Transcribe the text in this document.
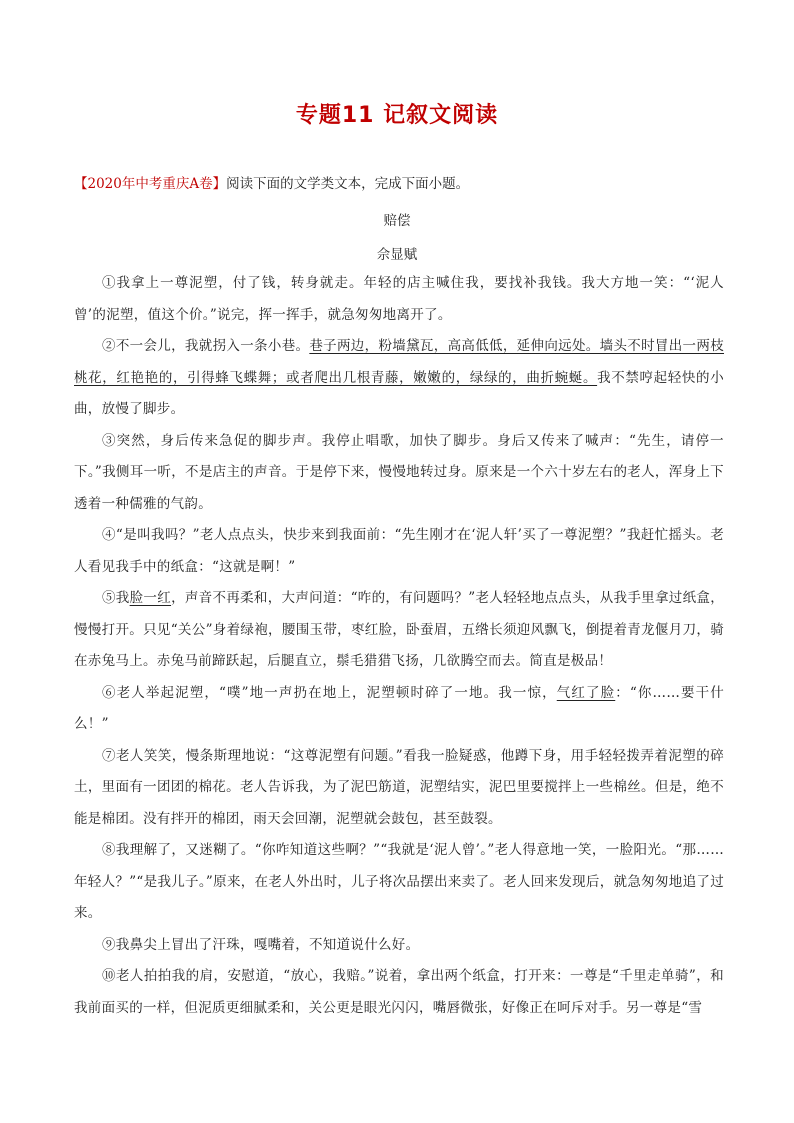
专题11 记叙文阅读
【2020年中考重庆A卷】阅读下面的文学类文本，完成下面小题。
赔偿
佘显赋

①我拿上一尊泥塑，付了钱，转身就走。年轻的店主喊住我，要找补我钱。我大方地一笑：“‘泥人曾’的泥塑，值这个价。”说完，挥一挥手，就急匆匆地离开了。

②不一会儿，我就拐入一条小巷。巷子两边，粉墙黛瓦，高高低低，延伸向远处。墙头不时冒出一两枝桃花，红艳艳的，引得蜂飞蝶舞；或者爬出几根青藤，嫩嫩的，绿绿的，曲折蜿蜒。我不禁哼起轻快的小曲，放慢了脚步。

③突然，身后传来急促的脚步声。我停止唱歌，加快了脚步。身后又传来了喊声：“先生，请停一下。”我侧耳一听，不是店主的声音。于是停下来，慢慢地转过身。原来是一个六十岁左右的老人，浑身上下透着一种儒雅的气韵。

④“是叫我吗？”老人点点头，快步来到我面前：“先生刚才在‘泥人轩’买了一尊泥塑？”我赶忙摇头。老人看见我手中的纸盒：“这就是啊！”

⑤我脸一红，声音不再柔和，大声问道：“咋的，有问题吗？”老人轻轻地点点头，从我手里拿过纸盒，慢慢打开。只见“关公”身着绿袍，腰围玉带，枣红脸，卧蚕眉，五绺长须迎风飘飞，倒提着青龙偃月刀，骑在赤兔马上。赤兔马前蹄跃起，后腿直立，鬃毛猎猎飞扬，几欲腾空而去。简直是极品！

⑥老人举起泥塑，“噗”地一声扔在地上，泥塑顿时碎了一地。我一惊，气红了脸：“你……要干什么！”

⑦老人笑笑，慢条斯理地说：“这尊泥塑有问题。”看我一脸疑惑，他蹲下身，用手轻轻拨弄着泥塑的碎土，里面有一团团的棉花。老人告诉我，为了泥巴筋道，泥塑结实，泥巴里要搅拌上一些棉丝。但是，绝不能是棉团。没有拌开的棉团，雨天会回潮，泥塑就会鼓包，甚至鼓裂。

⑧我理解了，又迷糊了。“你咋知道这些啊？”“我就是‘泥人曾’。”老人得意地一笑，一脸阳光。“那……年轻人？”“是我儿子。”原来，在老人外出时，儿子将次品摆出来卖了。老人回来发现后，就急匆匆地追了过来。

⑨我鼻尖上冒出了汗珠，嘎嘴着，不知道说什么好。

⑩老人拍拍我的肩，安慰道，“放心，我赔。”说着，拿出两个纸盒，打开来：一尊是“千里走单骑”，和我前面买的一样，但泥质更细腻柔和，关公更是眼光闪闪，嘴唇微张，好像正在呵斥对手。另一尊是“雪
